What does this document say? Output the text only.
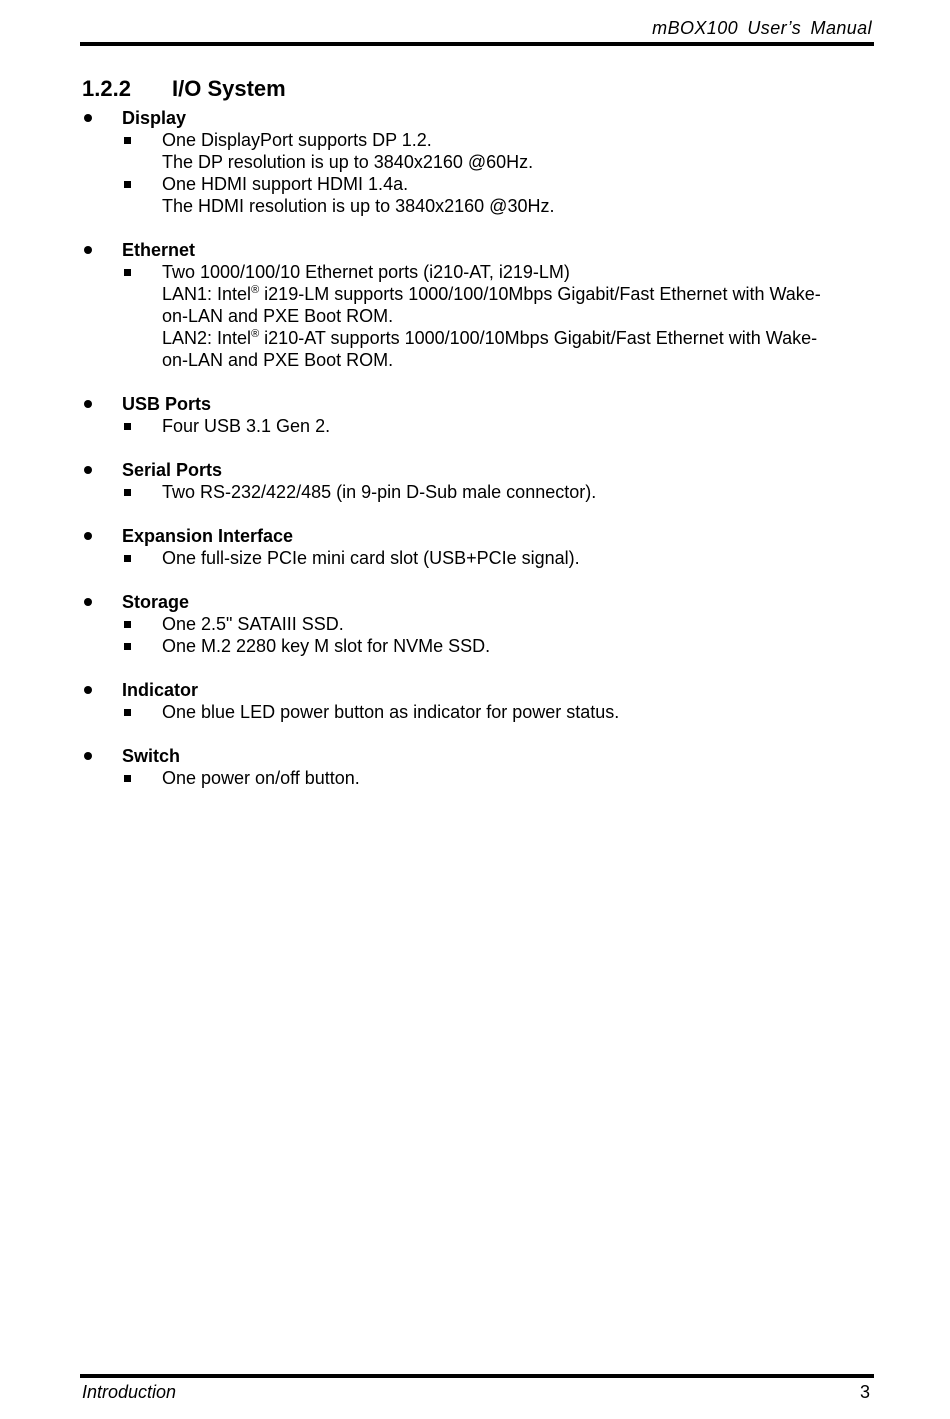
mBOX100 User’s Manual
1.2.2 I/O System
Display
One DisplayPort supports DP 1.2.
The DP resolution is up to 3840x2160 @60Hz.
One HDMI support HDMI 1.4a.
The HDMI resolution is up to 3840x2160 @30Hz.
Ethernet
Two 1000/100/10 Ethernet ports (i210-AT, i219-LM)
LAN1: Intel® i219-LM supports 1000/100/10Mbps Gigabit/Fast Ethernet with Wake-
on-LAN and PXE Boot ROM.
LAN2: Intel® i210-AT supports 1000/100/10Mbps Gigabit/Fast Ethernet with Wake-
on-LAN and PXE Boot ROM.
USB Ports
Four USB 3.1 Gen 2.
Serial Ports
Two RS-232/422/485 (in 9-pin D-Sub male connector).
Expansion Interface
One full-size PCIe mini card slot (USB+PCIe signal).
Storage
One 2.5" SATAIII SSD.
One M.2 2280 key M slot for NVMe SSD.
Indicator
One blue LED power button as indicator for power status.
Switch
One power on/off button.
Introduction	3
